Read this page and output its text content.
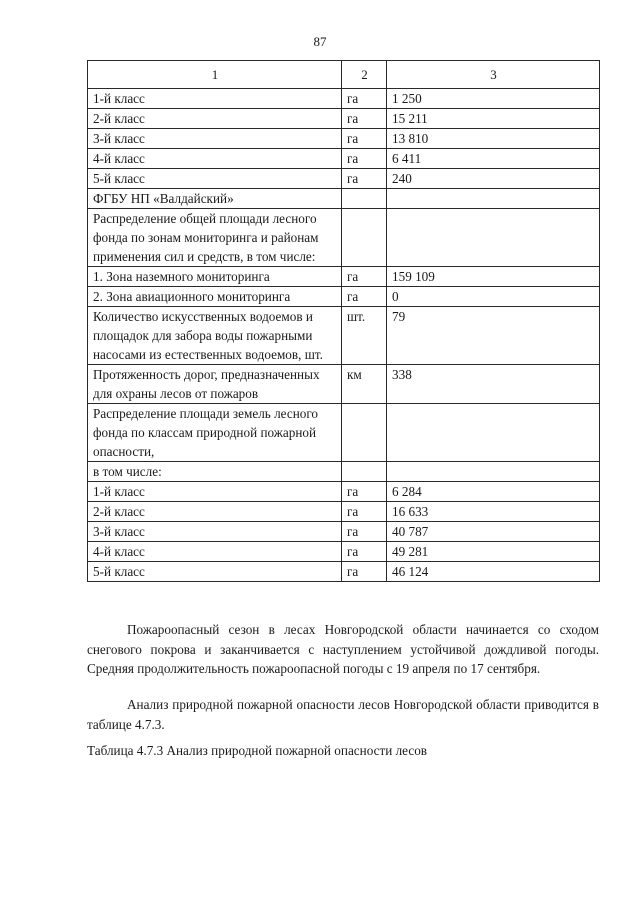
87
1	2	3
1-й класс	га	1 250
2-й класс	га	15 211
3-й класс	га	13 810
4-й класс	га	6 411
5-й класс	га	240
ФГБУ НП «Валдайский»		
Распределение общей площади лесного фонда по зонам мониторинга и районам применения сил и средств, в том числе:		
1. Зона наземного мониторинга	га	159 109
2. Зона авиационного мониторинга	га	0
Количество искусственных водоемов и площадок для забора воды пожарными насосами из естественных водоемов, шт.	шт.	79
Протяженность дорог, предназначенных для охраны лесов от пожаров	км	338
Распределение площади земель лесного фонда по классам природной пожарной опасности,		
в том числе:		
1-й класс	га	6 284
2-й класс	га	16 633
3-й класс	га	40 787
4-й класс	га	49 281
5-й класс	га	46 124

Пожароопасный сезон в лесах Новгородской области начинается со сходом снегового покрова и заканчивается с наступлением устойчивой дождливой погоды. Средняя продолжительность пожароопасной погоды с 19 апреля по 17 сентября.

Анализ природной пожарной опасности лесов Новгородской области приводится в таблице 4.7.3.

Таблица 4.7.3 Анализ природной пожарной опасности лесов
